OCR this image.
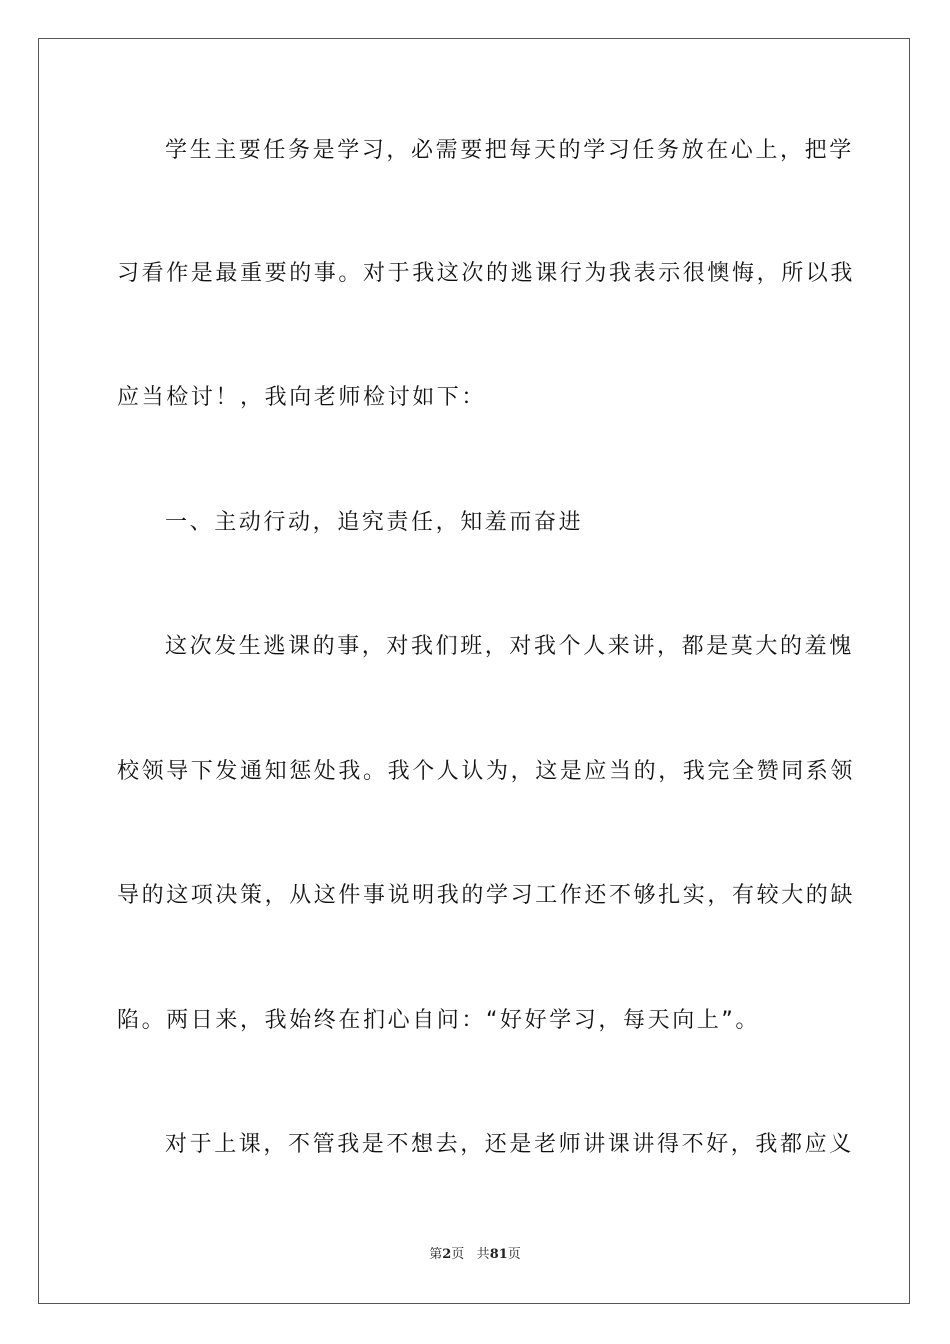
学生主要任务是学习，必需要把每天的学习任务放在心上，把学
习看作是最重要的事。对于我这次的逃课行为我表示很懊悔，所以我
应当检讨！，我向老师检讨如下：
一、主动行动，追究责任，知羞而奋进
这次发生逃课的事，对我们班，对我个人来讲，都是莫大的羞愧
校领导下发通知惩处我。我个人认为，这是应当的，我完全赞同系领
导的这项决策，从这件事说明我的学习工作还不够扎实，有较大的缺
陷。两日来，我始终在扪心自问：“好好学习，每天向上”。
对于上课，不管我是不想去，还是老师讲课讲得不好，我都应义
第2页 共81页
